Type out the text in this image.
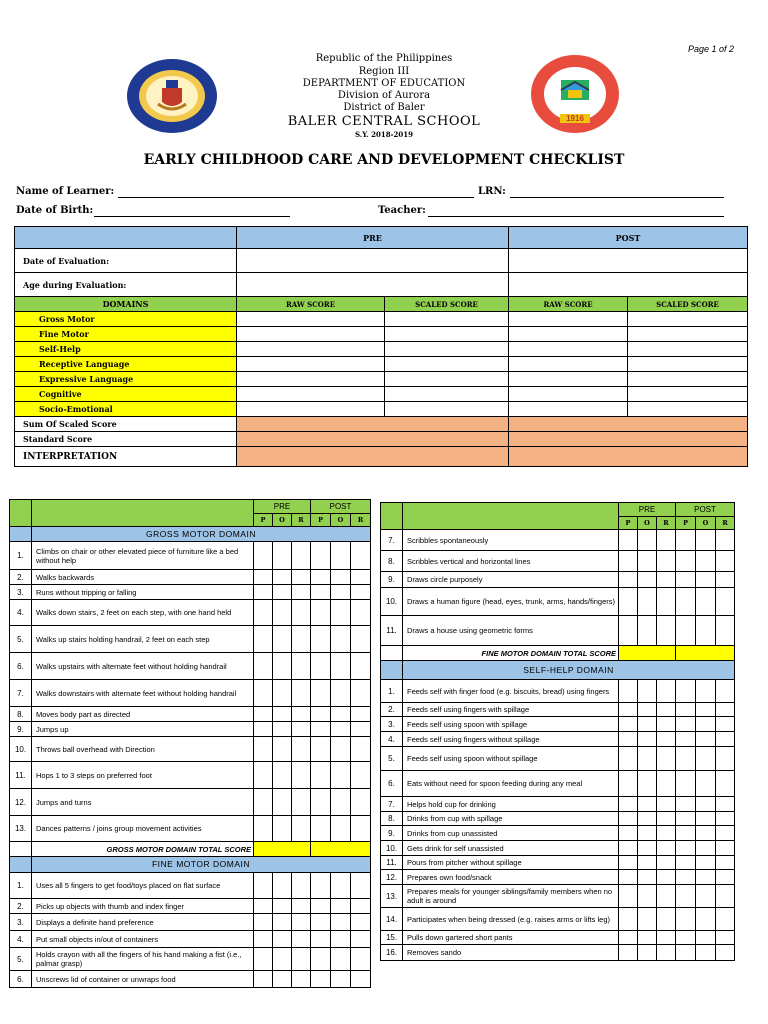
Page 1 of 2
1916
Republic of the Philippines
Region III
DEPARTMENT OF EDUCATION
Division of Aurora
District of Baler
BALER CENTRAL SCHOOL
S.Y. 2018-2019
EARLY CHILDHOOD CARE AND DEVELOPMENT CHECKLIST
Name of Learner:	LRN:
Date of Birth:	Teacher:
	PRE		POST	
Date of Evaluation:				
Age during Evaluation:				
DOMAINS	RAW SCORE	SCALED SCORE	RAW SCORE	SCALED SCORE
Gross Motor				
Fine Motor				
Self-Help				
Receptive Language				
Expressive Language				
Cognitive				
Socio-Emotional				
Sum Of Scaled Score				
Standard Score				
INTERPRETATION				
		PRE			POST		
		P	O	R	P	O	R
	GROSS MOTOR DOMAIN						
1.	Climbs on chair or other elevated piece of furniture like a bed without help						
2.	Walks backwards						
3.	Runs without tripping or falling						
4.	Walks down stairs, 2 feet on each step, with one hand held						
5.	Walks up stairs holding handrail, 2 feet on each step						
6.	Walks upstairs with alternate feet without holding handrail						
7.	Walks downstairs with alternate feet without holding handrail						
8.	Moves body part as directed						
9.	Jumps up						
10.	Throws ball overhead with Direction						
11.	Hops 1 to 3 steps on preferred foot						
12.	Jumps and turns						
13.	Dances patterns / joins group movement activities						
	GROSS MOTOR DOMAIN TOTAL SCORE						
	FINE MOTOR DOMAIN						
1.	Uses all 5 fingers to get food/toys placed on flat surface						
2.	Picks up objects with thumb and index finger						
3.	Displays a definite hand preference						
4.	Put small objects in/out of containers						
5.	Holds crayon with all the fingers of his hand making a fist (i.e., palmar grasp)						
6.	Unscrews lid of container or unwraps food						
		PRE			POST		
		P	O	R	P	O	R
7.	Scribbles spontaneously						
8.	Scribbles vertical and horizontal lines						
9.	Draws circle purposely						
10.	Draws a human figure (head, eyes, trunk, arms, hands/fingers)						
11.	Draws a house using geometric forms						
	FINE MOTOR DOMAIN TOTAL SCORE						
	SELF-HELP DOMAIN						
1.	Feeds self with finger food (e.g. biscuits, bread) using fingers						
2.	Feeds self using fingers with spillage						
3.	Feeds self using spoon with spillage						
4.	Feeds self using fingers without spillage						
5.	Feeds self using spoon without spillage						
6.	Eats without need for spoon feeding during any meal						
7.	Helps hold cup for drinking						
8.	Drinks from cup with spillage						
9.	Drinks from cup unassisted						
10.	Gets drink for self unassisted						
11.	Pours from pitcher without spillage						
12.	Prepares own food/snack						
13.	Prepares meals for younger siblings/family members when no adult is around						
14.	Participates when being dressed (e.g. raises arms or lifts leg)						
15.	Pulls down gartered short pants						
16.	Removes sando						
